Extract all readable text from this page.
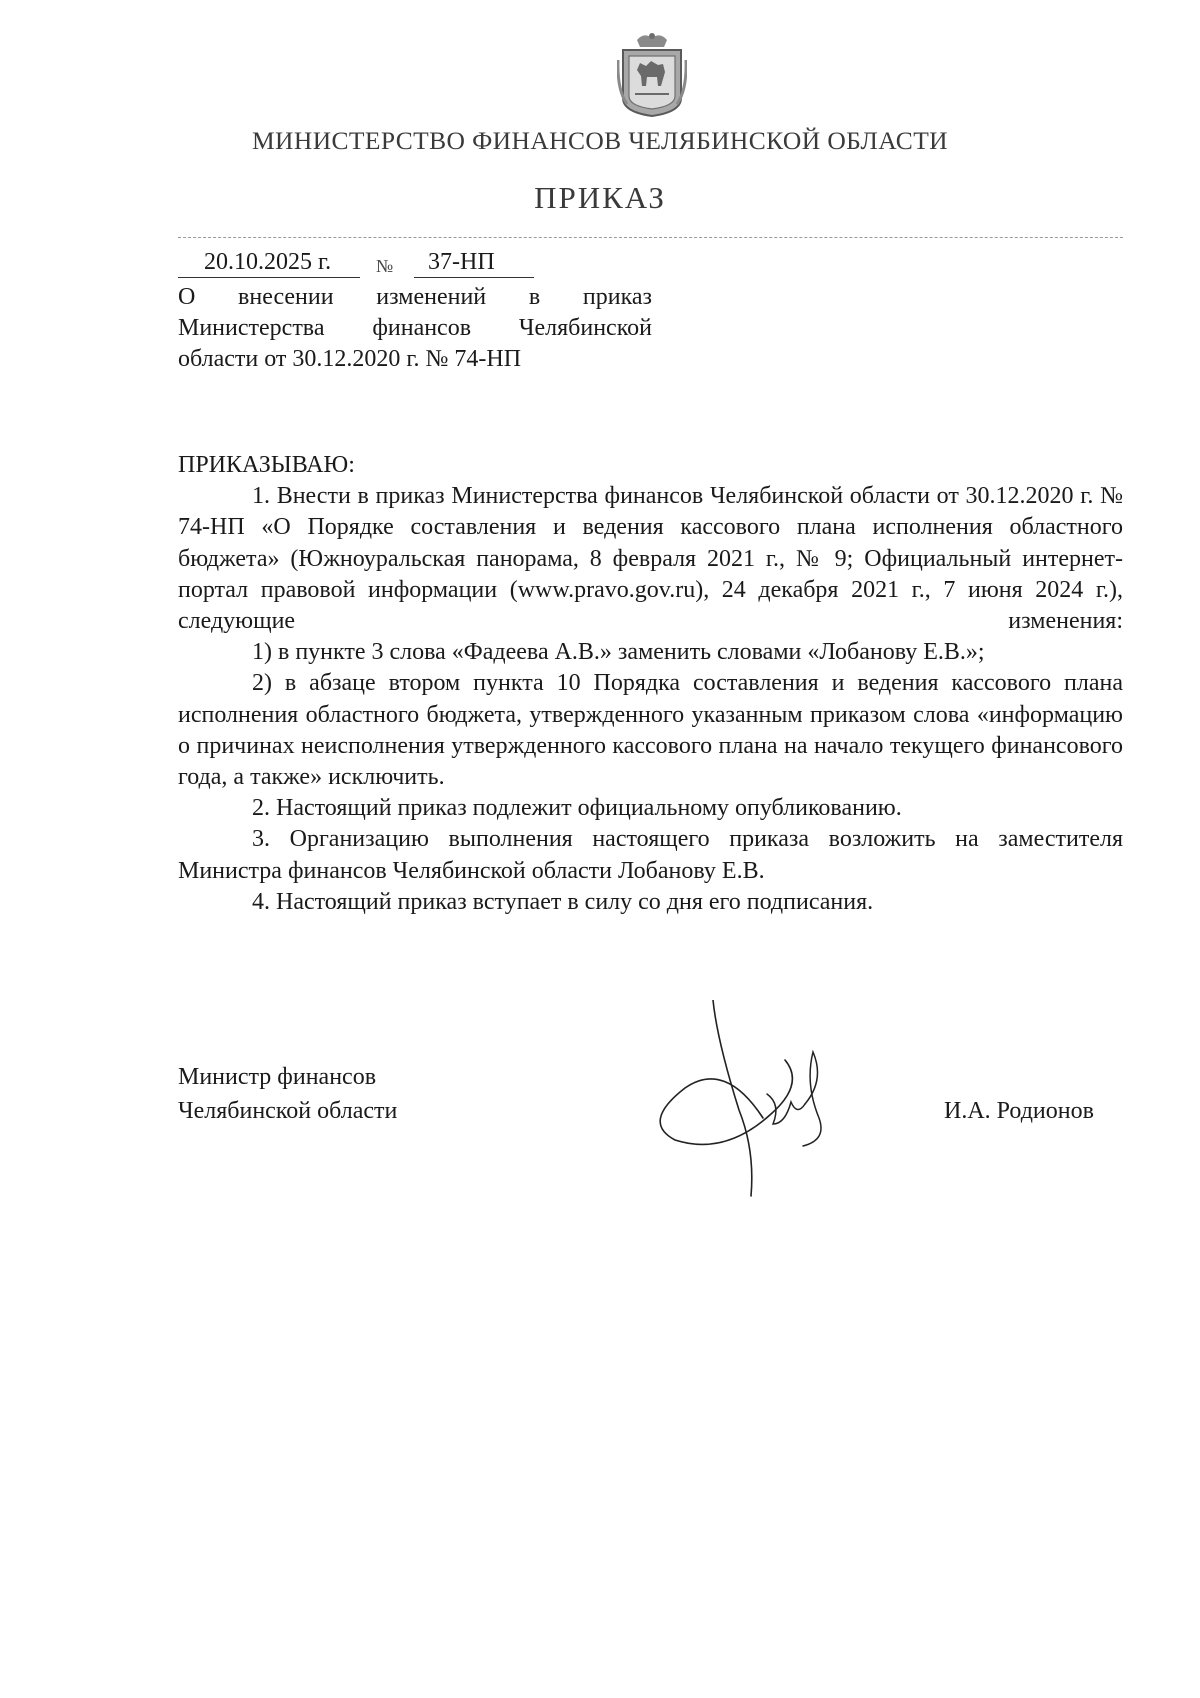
МИНИСТЕРСТВО ФИНАНСОВ ЧЕЛЯБИНСКОЙ ОБЛАСТИ
ПРИКАЗ
20.10.2025 г.	№	37-НП
О внесении изменений в приказ Министерства финансов Челябинской области от 30.12.2020 г. № 74-НП

ПРИКАЗЫВАЮ:

1. Внести в приказ Министерства финансов Челябинской области от 30.12.2020 г. № 74-НП «О Порядке составления и ведения кассового плана исполнения областного бюджета» (Южноуральская панорама, 8 февраля 2021 г., № 9; Официальный интернет-портал правовой информации (www.pravo.gov.ru), 24 декабря 2021 г., 7 июня 2024 г.), следующие изменения:

1) в пункте 3 слова «Фадеева А.В.» заменить словами «Лобанову Е.В.»;

2) в абзаце втором пункта 10 Порядка составления и ведения кассового плана исполнения областного бюджета, утвержденного указанным приказом слова «информацию о причинах неисполнения утвержденного кассового плана на начало текущего финансового года, а также» исключить.

2. Настоящий приказ подлежит официальному опубликованию.

3. Организацию выполнения настоящего приказа возложить на заместителя Министра финансов Челябинской области Лобанову Е.В.

4. Настоящий приказ вступает в силу со дня его подписания.

Министр финансов
Челябинской области	И.А. Родионов
